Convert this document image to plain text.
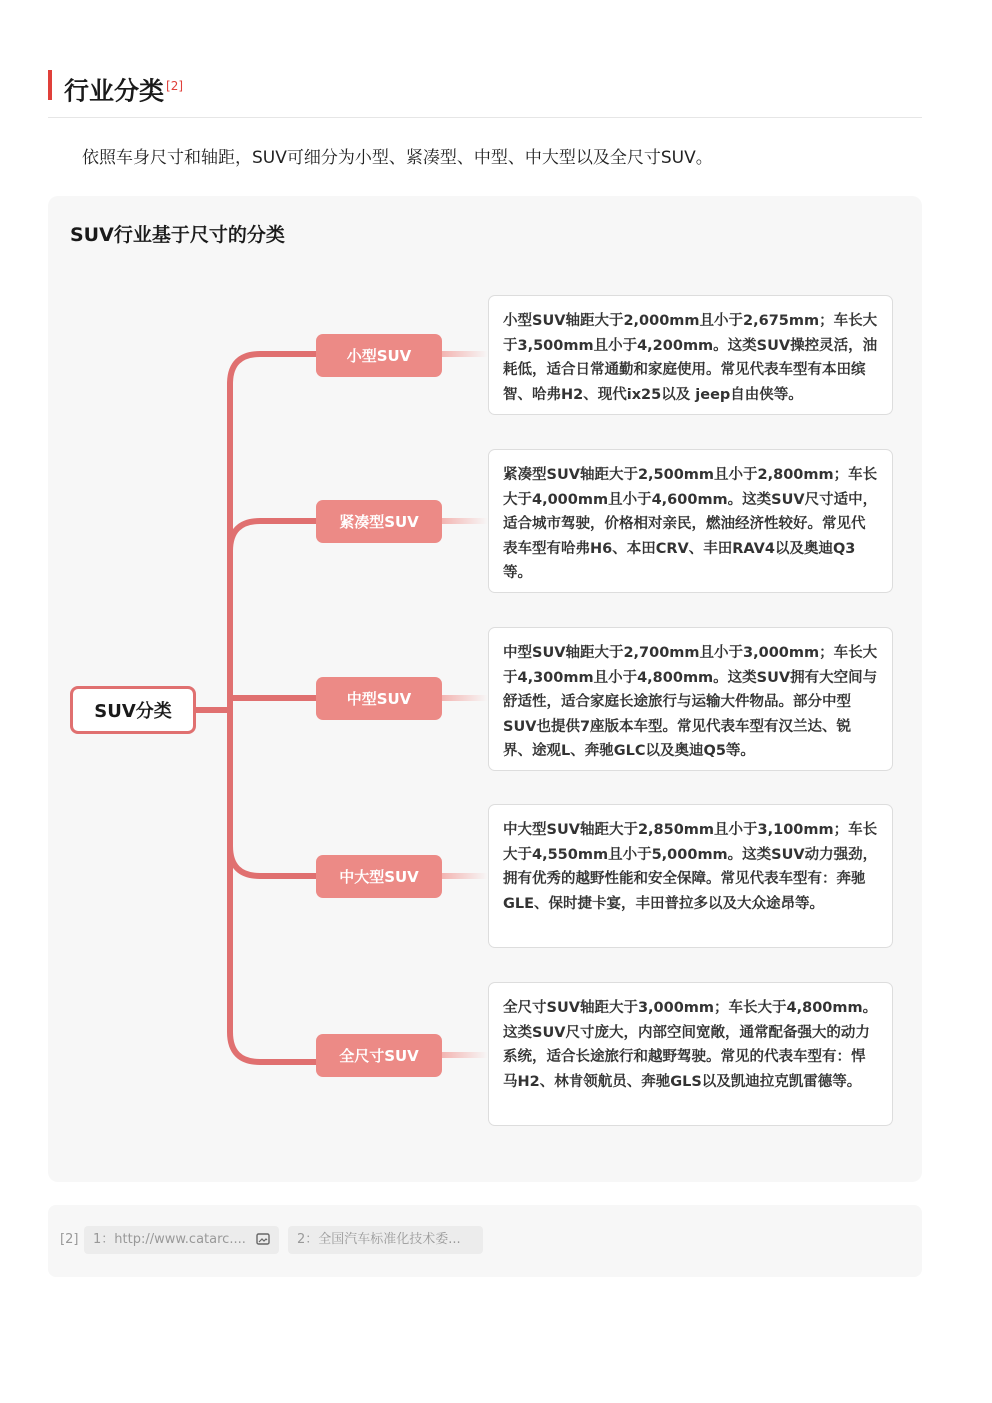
行业分类 [2]
依照车身尺寸和轴距，SUV可细分为小型、紧凑型、中型、中大型以及全尺寸SUV。
SUV行业基于尺寸的分类
SUV分类
小型SUV
紧凑型SUV
中型SUV
中大型SUV
全尺寸SUV
小型SUV轴距大于2,000mm且小于2,675mm；车长大于3,500mm且小于4,200mm。这类SUV操控灵活，油耗低，适合日常通勤和家庭使用。常见代表车型有本田缤智、哈弗H2、现代ix25以及 jeep自由侠等。
紧凑型SUV轴距大于2,500mm且小于2,800mm；车长大于4,000mm且小于4,600mm。这类SUV尺寸适中，适合城市驾驶，价格相对亲民，燃油经济性较好。常见代表车型有哈弗H6、本田CRV、丰田RAV4以及奥迪Q3等。
中型SUV轴距大于2,700mm且小于3,000mm；车长大于4,300mm且小于4,800mm。这类SUV拥有大空间与舒适性，适合家庭长途旅行与运输大件物品。部分中型SUV也提供7座版本车型。常见代表车型有汉兰达、锐界、途观L、奔驰GLC以及奥迪Q5等。
中大型SUV轴距大于2,850mm且小于3,100mm；车长大于4,550mm且小于5,000mm。这类SUV动力强劲，拥有优秀的越野性能和安全保障。常见代表车型有：奔驰GLE、保时捷卡宴，丰田普拉多以及大众途昂等。
全尺寸SUV轴距大于3,000mm；车长大于4,800mm。这类SUV尺寸庞大，内部空间宽敞，通常配备强大的动力系统，适合长途旅行和越野驾驶。常见的代表车型有：悍马H2、林肯领航员、奔驰GLS以及凯迪拉克凯雷德等。
[2]	1：http://www.catarc....	2：全国汽车标准化技术委...
